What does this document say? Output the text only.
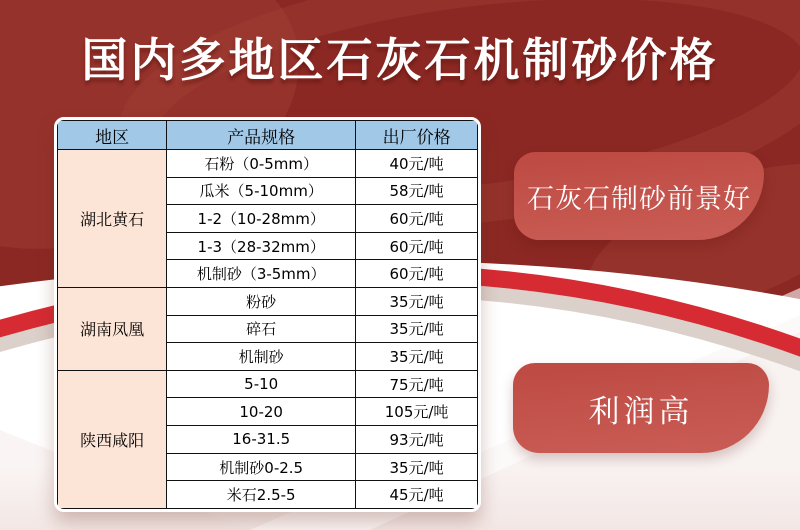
国内多地区石灰石机制砂价格
地区	产品规格	出厂价格
湖北黄石	石粉（0-5mm）	40元/吨
	瓜米（5-10mm）	58元/吨
	1-2（10-28mm）	60元/吨
	1-3（28-32mm）	60元/吨
	机制砂（3-5mm）	60元/吨
湖南凤凰	粉砂	35元/吨
	碎石	35元/吨
	机制砂	35元/吨
陕西咸阳	5-10	75元/吨
	10-20	105元/吨
	16-31.5	93元/吨
	机制砂0-2.5	35元/吨
	米石2.5-5	45元/吨
石灰石制砂前景好
利润高
